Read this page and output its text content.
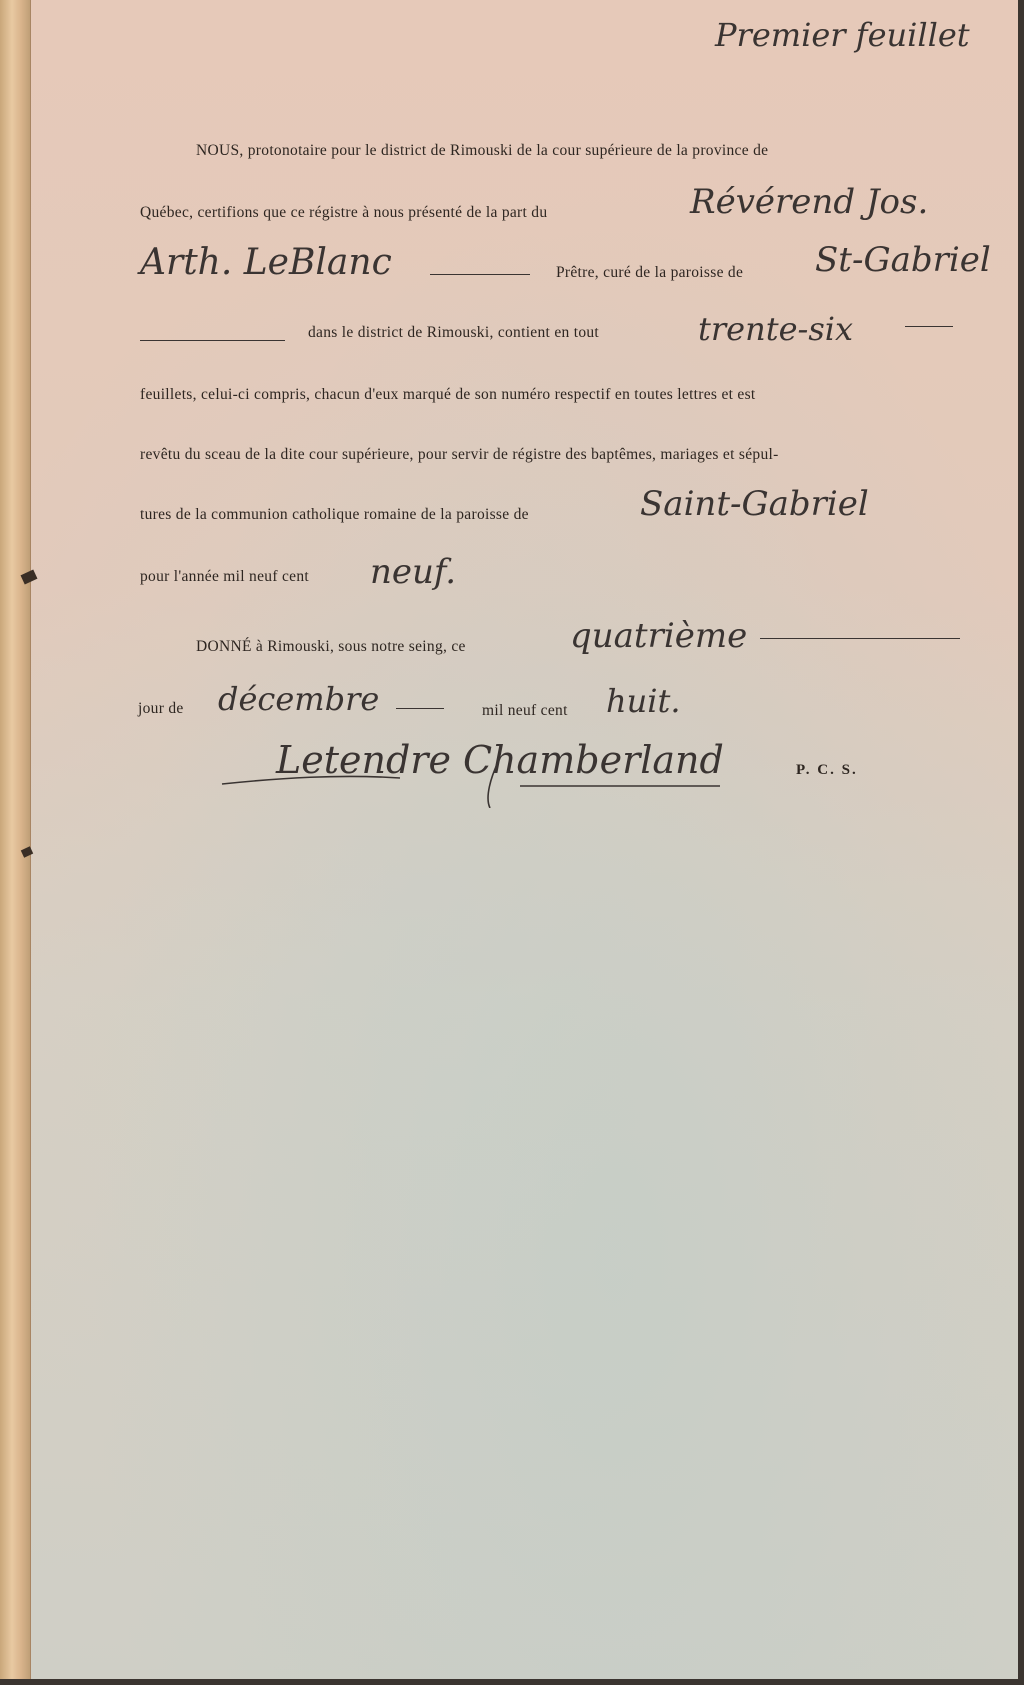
Premier feuillet
NOUS, protonotaire pour le district de Rimouski de la cour supérieure de la province de
Québec, certifions que ce régistre à nous présenté de la part du	Révérend Jos.
Arth. LeBlanc	Prêtre, curé de la paroisse de St-Gabriel
dans le district de Rimouski, contient en tout	trente-six
feuillets, celui-ci compris, chacun d'eux marqué de son numéro respectif en toutes lettres et est
revêtu du sceau de la dite cour supérieure, pour servir de régistre des baptêmes, mariages et sépul-
tures de la communion catholique romaine de la paroisse de	Saint-Gabriel
pour l'année mil neuf cent neuf.
DONNÉ à Rimouski, sous notre seing, ce	quatrième
jour de décembre	mil neuf cent huit.
Letendre Chamberland	P. C. S.
